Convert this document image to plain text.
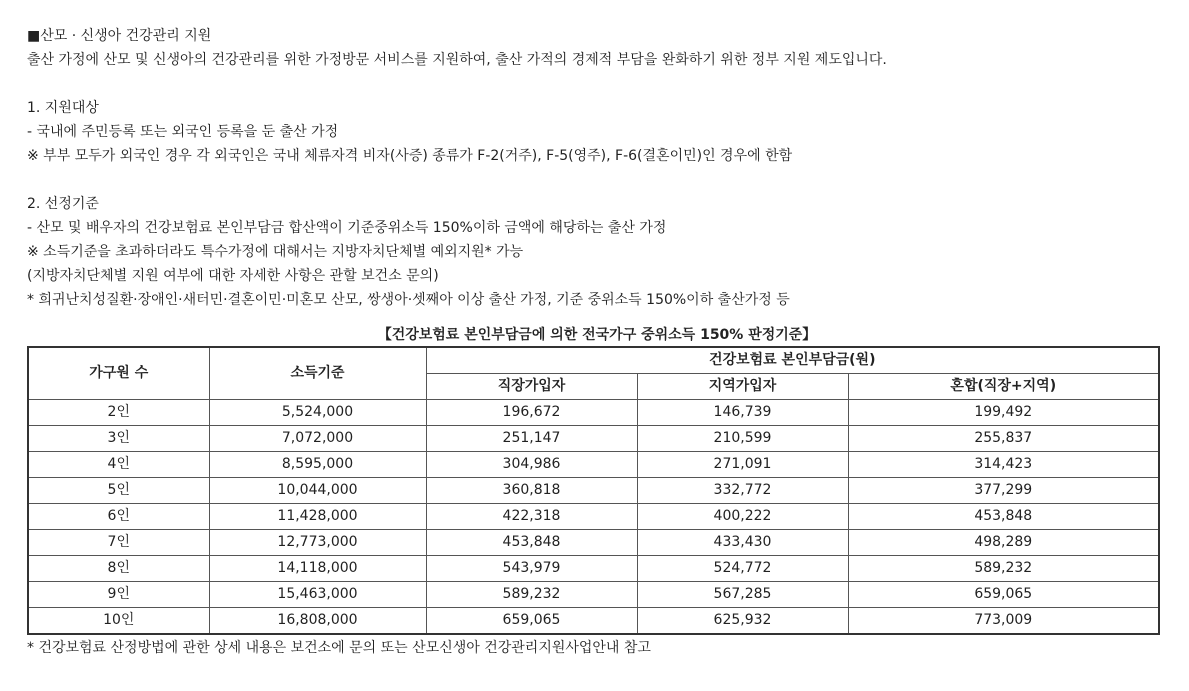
■산모 · 신생아 건강관리 지원
출산 가정에 산모 및 신생아의 건강관리를 위한 가정방문 서비스를 지원하여, 출산 가적의 경제적 부담을 완화하기 위한 정부 지원 제도입니다.
1. 지원대상
- 국내에 주민등록 또는 외국인 등록을 둔 출산 가정
※ 부부 모두가 외국인 경우 각 외국인은 국내 체류자격 비자(사증) 종류가 F-2(거주), F-5(영주), F-6(결혼이민)인 경우에 한함
2. 선정기준
- 산모 및 배우자의 건강보험료 본인부담금 합산액이 기준중위소득 150%이하 금액에 해당하는 출산 가정
※ 소득기준을 초과하더라도 특수가정에 대해서는 지방자치단체별 예외지원* 가능
(지방자치단체별 지원 여부에 대한 자세한 사항은 관할 보건소 문의)
* 희귀난치성질환·장애인·새터민·결혼이민·미혼모 산모, 쌍생아·셋째아 이상 출산 가정, 기준 중위소득 150%이하 출산가정 등
【건강보험료 본인부담금에 의한 전국가구 중위소득 150% 판정기준】
가구원 수	소득기준	건강보험료 본인부담금(원)		
		직장가입자	지역가입자	혼합(직장+지역)
2인	5,524,000	196,672	146,739	199,492
3인	7,072,000	251,147	210,599	255,837
4인	8,595,000	304,986	271,091	314,423
5인	10,044,000	360,818	332,772	377,299
6인	11,428,000	422,318	400,222	453,848
7인	12,773,000	453,848	433,430	498,289
8인	14,118,000	543,979	524,772	589,232
9인	15,463,000	589,232	567,285	659,065
10인	16,808,000	659,065	625,932	773,009
* 건강보험료 산정방법에 관한 상세 내용은 보건소에 문의 또는 산모신생아 건강관리지원사업안내 참고
